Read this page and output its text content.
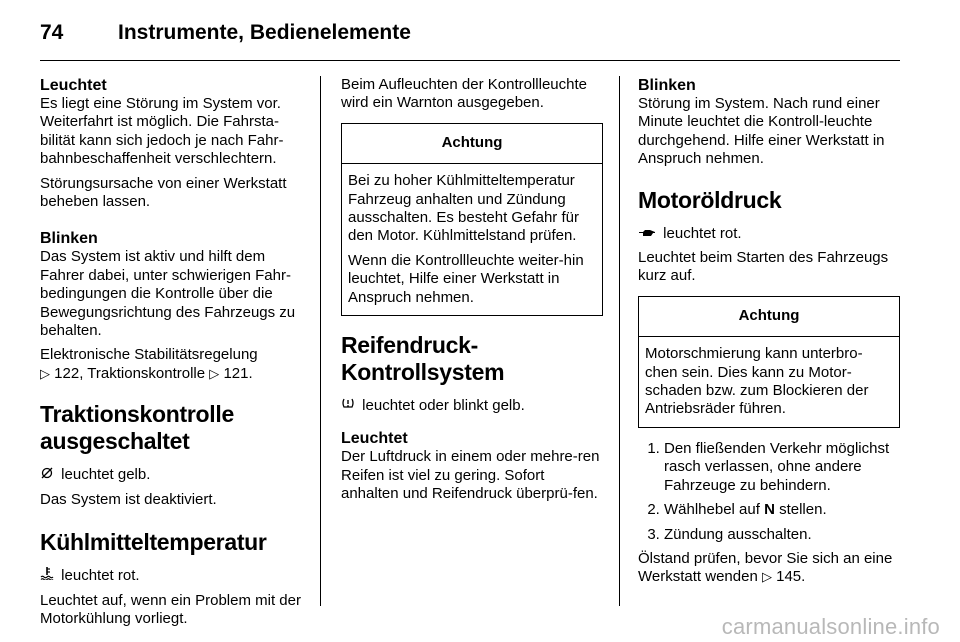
74	Instrumente, Bedienelemente
Leuchtet
Es liegt eine Störung im System vor. Weiterfahrt ist möglich. Die Fahrsta-bilität kann sich jedoch je nach Fahr-bahnbeschaffenheit verschlechtern.
Störungsursache von einer Werkstatt beheben lassen.
Blinken
Das System ist aktiv und hilft dem Fahrer dabei, unter schwierigen Fahr-bedingungen die Kontrolle über die Bewegungsrichtung des Fahrzeugs zu behalten.
Elektronische Stabilitätsregelung
▷ 122, Traktionskontrolle ▷ 121.
Traktionskontrolle ausgeschaltet
leuchtet gelb.
Das System ist deaktiviert.
Kühlmitteltemperatur
leuchtet rot.
Leuchtet auf, wenn ein Problem mit der Motorkühlung vorliegt.
Beim Aufleuchten der Kontrollleuchte wird ein Warnton ausgegeben.
Achtung
Bei zu hoher Kühlmitteltemperatur Fahrzeug anhalten und Zündung ausschalten. Es besteht Gefahr für den Motor. Kühlmittelstand prüfen.
Wenn die Kontrollleuchte weiter-hin leuchtet, Hilfe einer Werkstatt in Anspruch nehmen.
Reifendruck-Kontrollsystem
leuchtet oder blinkt gelb.
Leuchtet
Der Luftdruck in einem oder mehre-ren Reifen ist viel zu gering. Sofort anhalten und Reifendruck überprü-fen.
Blinken
Störung im System. Nach rund einer Minute leuchtet die Kontroll-leuchte durchgehend. Hilfe einer Werkstatt in Anspruch nehmen.
Motoröldruck
leuchtet rot.
Leuchtet beim Starten des Fahrzeugs kurz auf.
Achtung
Motorschmierung kann unterbro-chen sein. Dies kann zu Motor-schaden bzw. zum Blockieren der Antriebsräder führen.
1. Den fließenden Verkehr möglichst rasch verlassen, ohne andere Fahrzeuge zu behindern.
2. Wählhebel auf N stellen.
3. Zündung ausschalten.
Ölstand prüfen, bevor Sie sich an eine Werkstatt wenden ▷ 145.
carmanualsonline.info
